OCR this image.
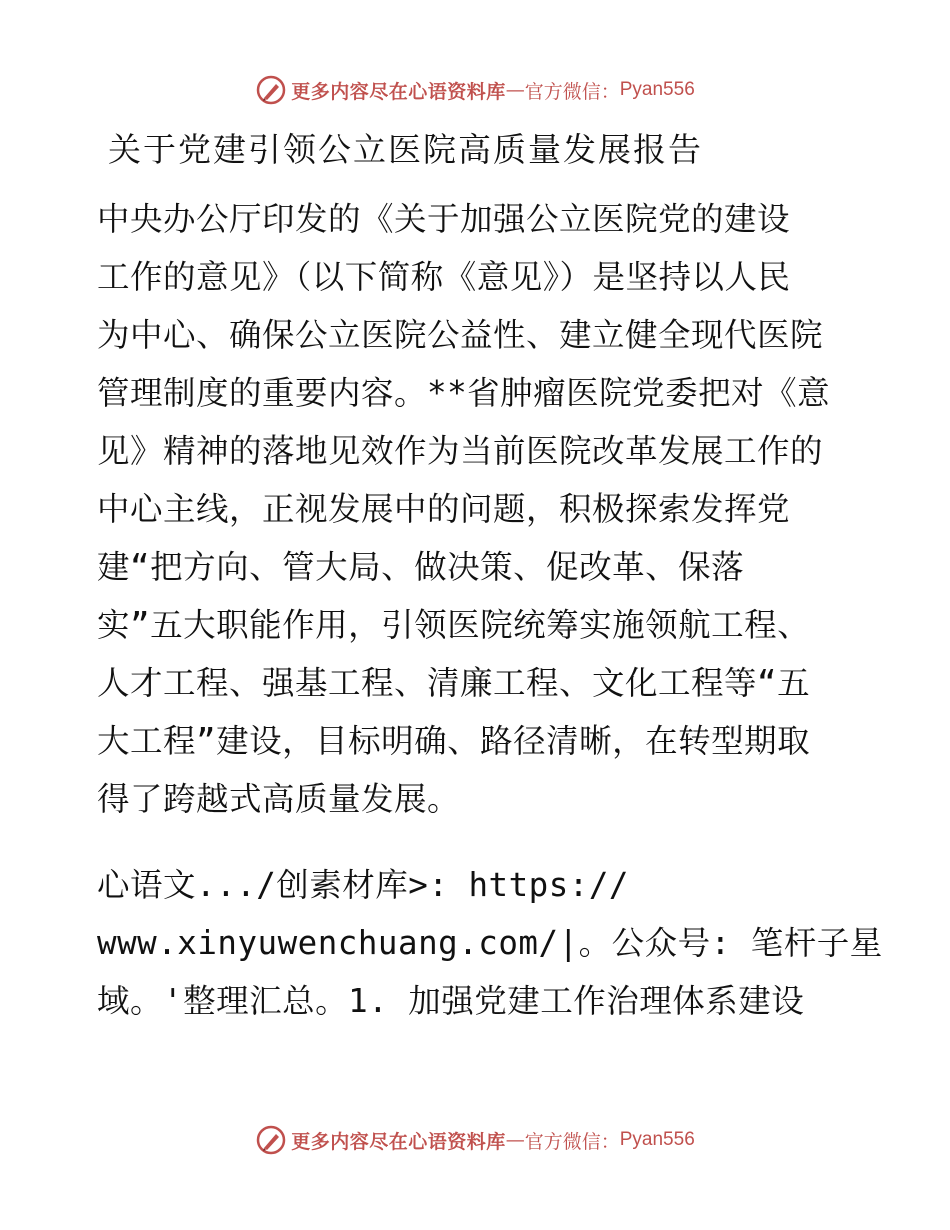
更多内容尽在心语资料库 — 官方微信： Pyan556
关于党建引领公立医院高质量发展报告
中央办公厅印发的《关于加强公立医院党的建设
工作的意见》（以下简称《意见》）是坚持以人民
为中心、确保公立医院公益性、建立健全现代医院
管理制度的重要内容。**省肿瘤医院党委把对《意
见》精神的落地见效作为当前医院改革发展工作的
中心主线，正视发展中的问题，积极探索发挥党
建“把方向、管大局、做决策、促改革、保落
实”五大职能作用，引领医院统筹实施领航工程、
人才工程、强基工程、清廉工程、文化工程等“五
大工程”建设，目标明确、路径清晰，在转型期取
得了跨越式高质量发展。
心语文.../创素材库>: https://
www.xinyuwenchuang.com/|。公众号: 笔杆子星
域。'整理汇总。1. 加强党建工作治理体系建设
更多内容尽在心语资料库 — 官方微信： Pyan556
